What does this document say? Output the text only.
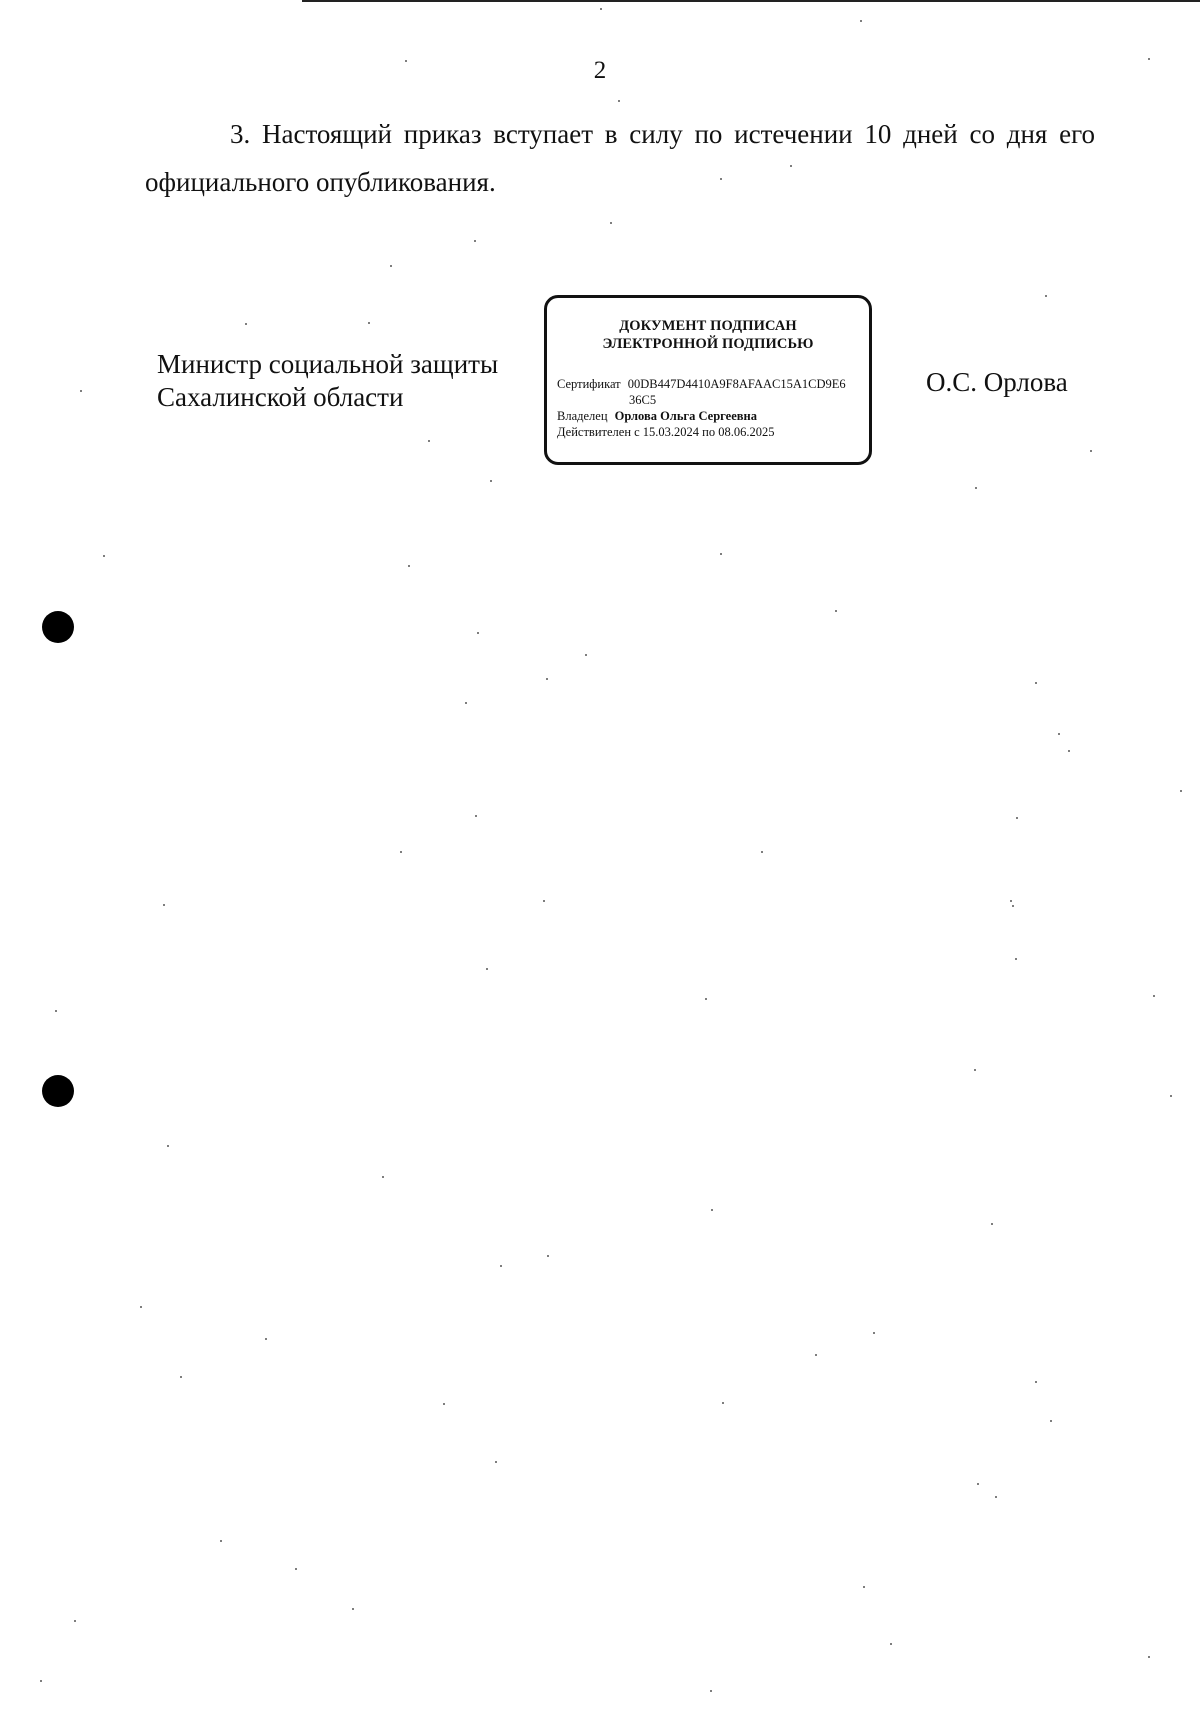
2
3. Настоящий приказ вступает в силу по истечении 10 дней со дня его официального опубликования.
Министр социальной защиты
Сахалинской области
ДОКУМЕНТ ПОДПИСАН
ЭЛЕКТРОННОЙ ПОДПИСЬЮ
Сертификат 00DB447D4410A9F8AFAAC15A1CD9E6
36C5
Владелец Орлова Ольга Сергеевна
Действителен с 15.03.2024 по 08.06.2025
О.С. Орлова
